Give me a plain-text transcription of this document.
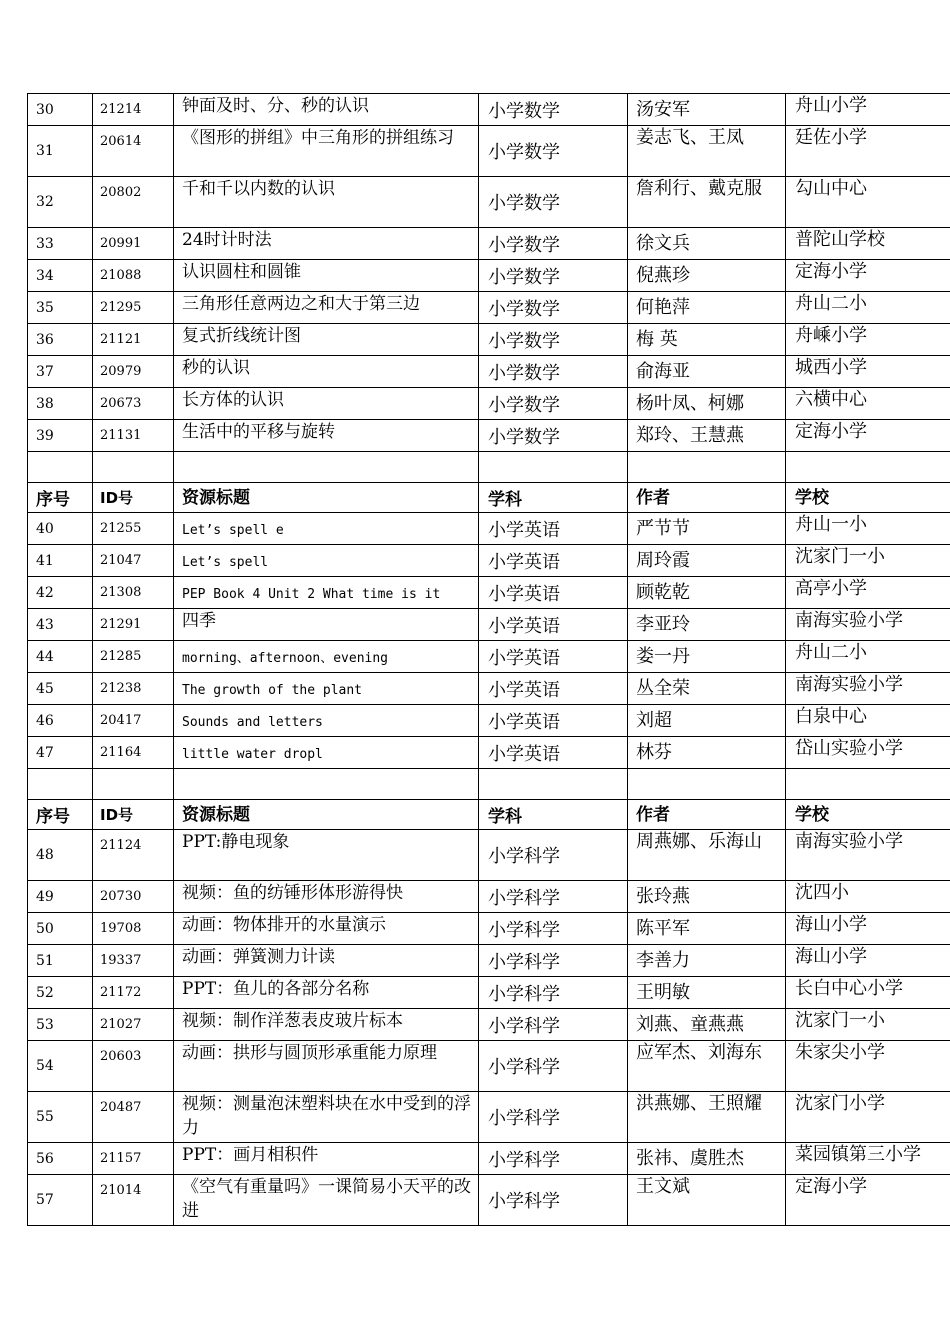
30	21214	钟面及时、分、秒的认识	小学数学	汤安军	舟山小学
31	20614	《图形的拼组》中三角形的拼组练习	小学数学	姜志飞、王凤	廷佐小学
32	20802	千和千以内数的认识	小学数学	詹利行、戴克服	勾山中心
33	20991	24时计时法	小学数学	徐文兵	普陀山学校
34	21088	认识圆柱和圆锥	小学数学	倪燕珍	定海小学
35	21295	三角形任意两边之和大于第三边	小学数学	何艳萍	舟山二小
36	21121	复式折线统计图	小学数学	梅 英	舟嵊小学
37	20979	秒的认识	小学数学	俞海亚	城西小学
38	20673	长方体的认识	小学数学	杨叶凤、柯娜	六横中心
39	21131	生活中的平移与旋转	小学数学	郑玲、王慧燕	定海小学

序号	ID号	资源标题	学科	作者	学校
40	21255	Let’s spell e	小学英语	严节节	舟山一小
41	21047	Let’s spell	小学英语	周玲霞	沈家门一小
42	21308	PEP Book 4 Unit 2 What time is it	小学英语	顾乾乾	高亭小学
43	21291	四季	小学英语	李亚玲	南海实验小学
44	21285	morning、afternoon、evening	小学英语	娄一丹	舟山二小
45	21238	The growth of the plant	小学英语	丛全荣	南海实验小学
46	20417	Sounds and letters	小学英语	刘超	白泉中心
47	21164	little water dropl	小学英语	林芬	岱山实验小学

序号	ID号	资源标题	学科	作者	学校
48	21124	PPT:静电现象	小学科学	周燕娜、乐海山	南海实验小学
49	20730	视频：鱼的纺锤形体形游得快	小学科学	张玲燕	沈四小
50	19708	动画：物体排开的水量演示	小学科学	陈平军	海山小学
51	19337	动画：弹簧测力计读	小学科学	李善力	海山小学
52	21172	PPT：鱼儿的各部分名称	小学科学	王明敏	长白中心小学
53	21027	视频：制作洋葱表皮玻片标本	小学科学	刘燕、童燕燕	沈家门一小
54	20603	动画：拱形与圆顶形承重能力原理	小学科学	应军杰、刘海东	朱家尖小学
55	20487	视频：测量泡沫塑料块在水中受到的浮力	小学科学	洪燕娜、王照耀	沈家门小学
56	21157	PPT：画月相积件	小学科学	张祎、虞胜杰	菜园镇第三小学
57	21014	《空气有重量吗》一课简易小天平的改进	小学科学	王文斌	定海小学
